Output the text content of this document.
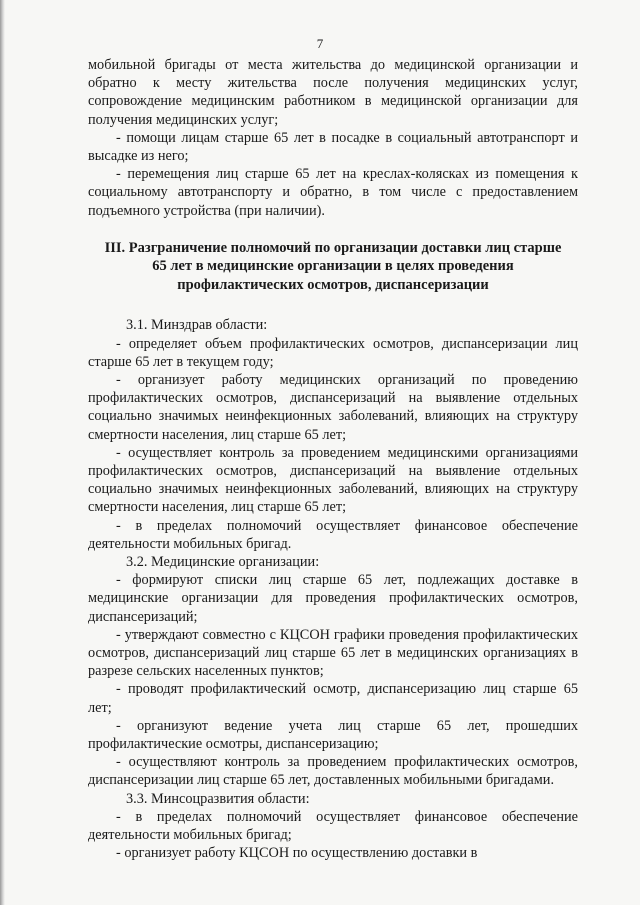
7

мобильной бригады от места жительства до медицинской организации и обратно к месту жительства после получения медицинских услуг, сопровождение медицинским работником в медицинской организации для получения медицинских услуг;

- помощи лицам старше 65 лет в посадке в социальный автотранспорт и высадке из него;

- перемещения лиц старше 65 лет на креслах-колясках из помещения к социальному автотранспорту и обратно, в том числе с предоставлением подъемного устройства (при наличии).

III. Разграничение полномочий по организации доставки лиц старше 65 лет в медицинские организации в целях проведения профилактических осмотров, диспансеризации

3.1. Минздрав области:

- определяет объем профилактических осмотров, диспансеризации лиц старше 65 лет в текущем году;

- организует работу медицинских организаций по проведению профилактических осмотров, диспансеризаций на выявление отдельных социально значимых неинфекционных заболеваний, влияющих на структуру смертности населения, лиц старше 65 лет;

- осуществляет контроль за проведением медицинскими организациями профилактических осмотров, диспансеризаций на выявление отдельных социально значимых неинфекционных заболеваний, влияющих на структуру смертности населения, лиц старше 65 лет;

- в пределах полномочий осуществляет финансовое обеспечение деятельности мобильных бригад.

3.2. Медицинские организации:

- формируют списки лиц старше 65 лет, подлежащих доставке в медицинские организации для проведения профилактических осмотров, диспансеризаций;

- утверждают совместно с КЦСОН графики проведения профилактических осмотров, диспансеризаций лиц старше 65 лет в медицинских организациях в разрезе сельских населенных пунктов;

- проводят профилактический осмотр, диспансеризацию лиц старше 65 лет;

- организуют ведение учета лиц старше 65 лет, прошедших профилактические осмотры, диспансеризацию;

- осуществляют контроль за проведением профилактических осмотров, диспансеризации лиц старше 65 лет, доставленных мобильными бригадами.

3.3. Минсоцразвития области:

- в пределах полномочий осуществляет финансовое обеспечение деятельности мобильных бригад;

- организует работу КЦСОН по осуществлению доставки в
